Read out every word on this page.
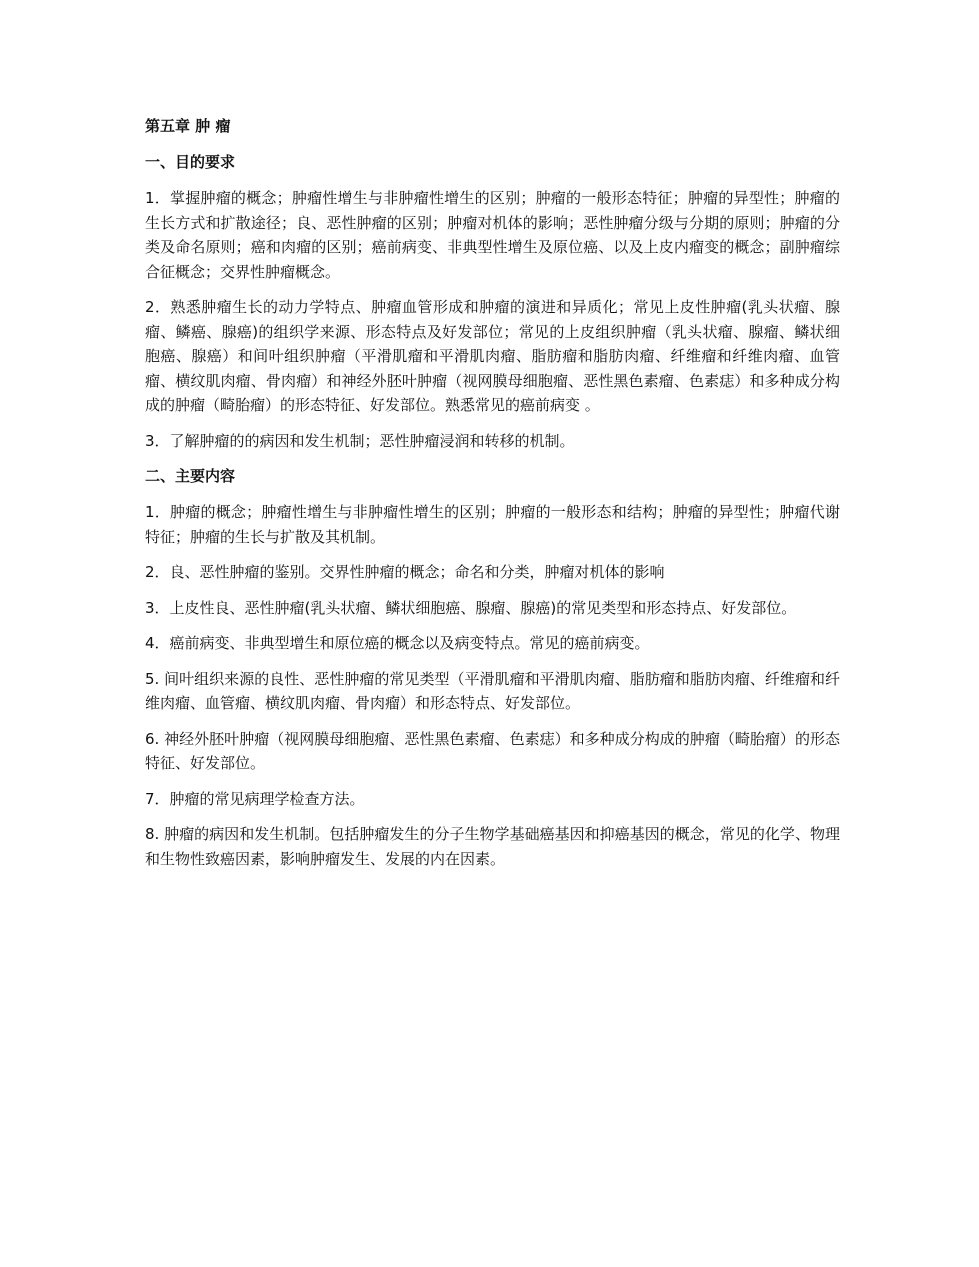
第五章 肿 瘤
一、目的要求

1．掌握肿瘤的概念；肿瘤性增生与非肿瘤性增生的区别；肿瘤的一般形态特征；肿瘤的异型性；肿瘤的生长方式和扩散途径；良、恶性肿瘤的区别；肿瘤对机体的影响；恶性肿瘤分级与分期的原则；肿瘤的分类及命名原则；癌和肉瘤的区别；癌前病变、非典型性增生及原位癌、以及上皮内瘤变的概念；副肿瘤综合征概念；交界性肿瘤概念。

2．熟悉肿瘤生长的动力学特点、肿瘤血管形成和肿瘤的演进和异质化；常见上皮性肿瘤(乳头状瘤、腺瘤、鳞癌、腺癌)的组织学来源、形态特点及好发部位；常见的上皮组织肿瘤（乳头状瘤、腺瘤、鳞状细胞癌、腺癌）和间叶组织肿瘤（平滑肌瘤和平滑肌肉瘤、脂肪瘤和脂肪肉瘤、纤维瘤和纤维肉瘤、血管瘤、横纹肌肉瘤、骨肉瘤）和神经外胚叶肿瘤（视网膜母细胞瘤、恶性黑色素瘤、色素痣）和多种成分构成的肿瘤（畸胎瘤）的形态特征、好发部位。熟悉常见的癌前病变 。

3．了解肿瘤的的病因和发生机制；恶性肿瘤浸润和转移的机制。

二、主要内容

1．肿瘤的概念；肿瘤性增生与非肿瘤性增生的区别；肿瘤的一般形态和结构；肿瘤的异型性；肿瘤代谢特征；肿瘤的生长与扩散及其机制。

2．良、恶性肿瘤的鉴别。交界性肿瘤的概念；命名和分类，肿瘤对机体的影响

3．上皮性良、恶性肿瘤(乳头状瘤、鳞状细胞癌、腺瘤、腺癌)的常见类型和形态持点、好发部位。

4．癌前病变、非典型增生和原位癌的概念以及病变特点。常见的癌前病变。

5. 间叶组织来源的良性、恶性肿瘤的常见类型（平滑肌瘤和平滑肌肉瘤、脂肪瘤和脂肪肉瘤、纤维瘤和纤维肉瘤、血管瘤、横纹肌肉瘤、骨肉瘤）和形态特点、好发部位。

6. 神经外胚叶肿瘤（视网膜母细胞瘤、恶性黑色素瘤、色素痣）和多种成分构成的肿瘤（畸胎瘤）的形态特征、好发部位。

7．肿瘤的常见病理学检查方法。

8. 肿瘤的病因和发生机制。包括肿瘤发生的分子生物学基础癌基因和抑癌基因的概念，常见的化学、物理和生物性致癌因素，影响肿瘤发生、发展的内在因素。
